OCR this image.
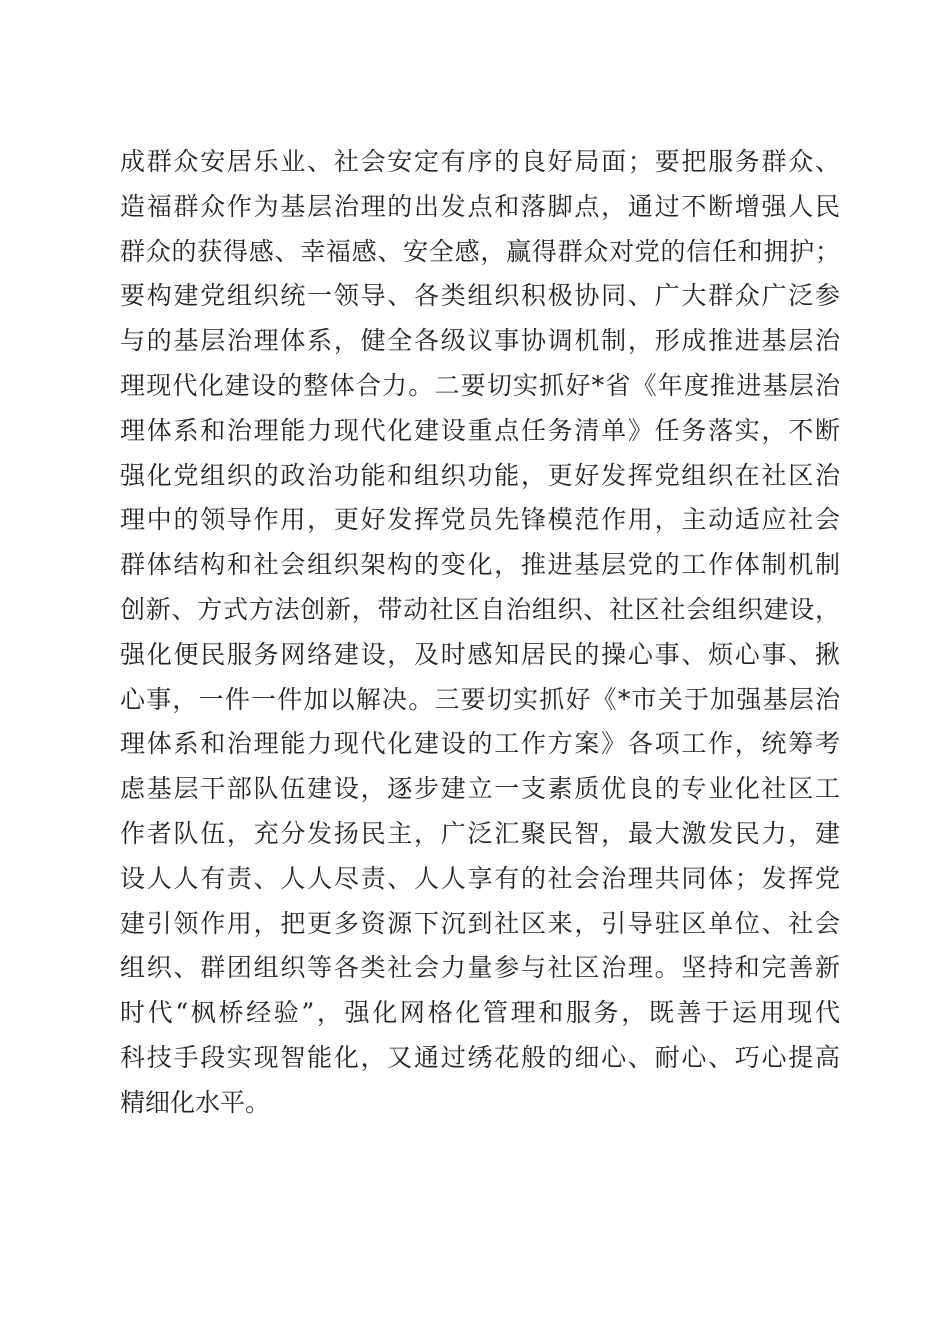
成群众安居乐业、社会安定有序的良好局面；要把服务群众、
造福群众作为基层治理的出发点和落脚点，通过不断增强人民
群众的获得感、幸福感、安全感，赢得群众对党的信任和拥护；
要构建党组织统一领导、各类组织积极协同、广大群众广泛参
与的基层治理体系，健全各级议事协调机制，形成推进基层治
理现代化建设的整体合力。二要切实抓好*省《年度推进基层治
理体系和治理能力现代化建设重点任务清单》任务落实，不断
强化党组织的政治功能和组织功能，更好发挥党组织在社区治
理中的领导作用，更好发挥党员先锋模范作用，主动适应社会
群体结构和社会组织架构的变化，推进基层党的工作体制机制
创新、方式方法创新，带动社区自治组织、社区社会组织建设，
强化便民服务网络建设，及时感知居民的操心事、烦心事、揪
心事，一件一件加以解决。三要切实抓好《*市关于加强基层治
理体系和治理能力现代化建设的工作方案》各项工作，统筹考
虑基层干部队伍建设，逐步建立一支素质优良的专业化社区工
作者队伍，充分发扬民主，广泛汇聚民智，最大激发民力，建
设人人有责、人人尽责、人人享有的社会治理共同体；发挥党
建引领作用，把更多资源下沉到社区来，引导驻区单位、社会
组织、群团组织等各类社会力量参与社区治理。坚持和完善新
时代“枫桥经验”，强化网格化管理和服务，既善于运用现代
科技手段实现智能化，又通过绣花般的细心、耐心、巧心提高
精细化水平。
